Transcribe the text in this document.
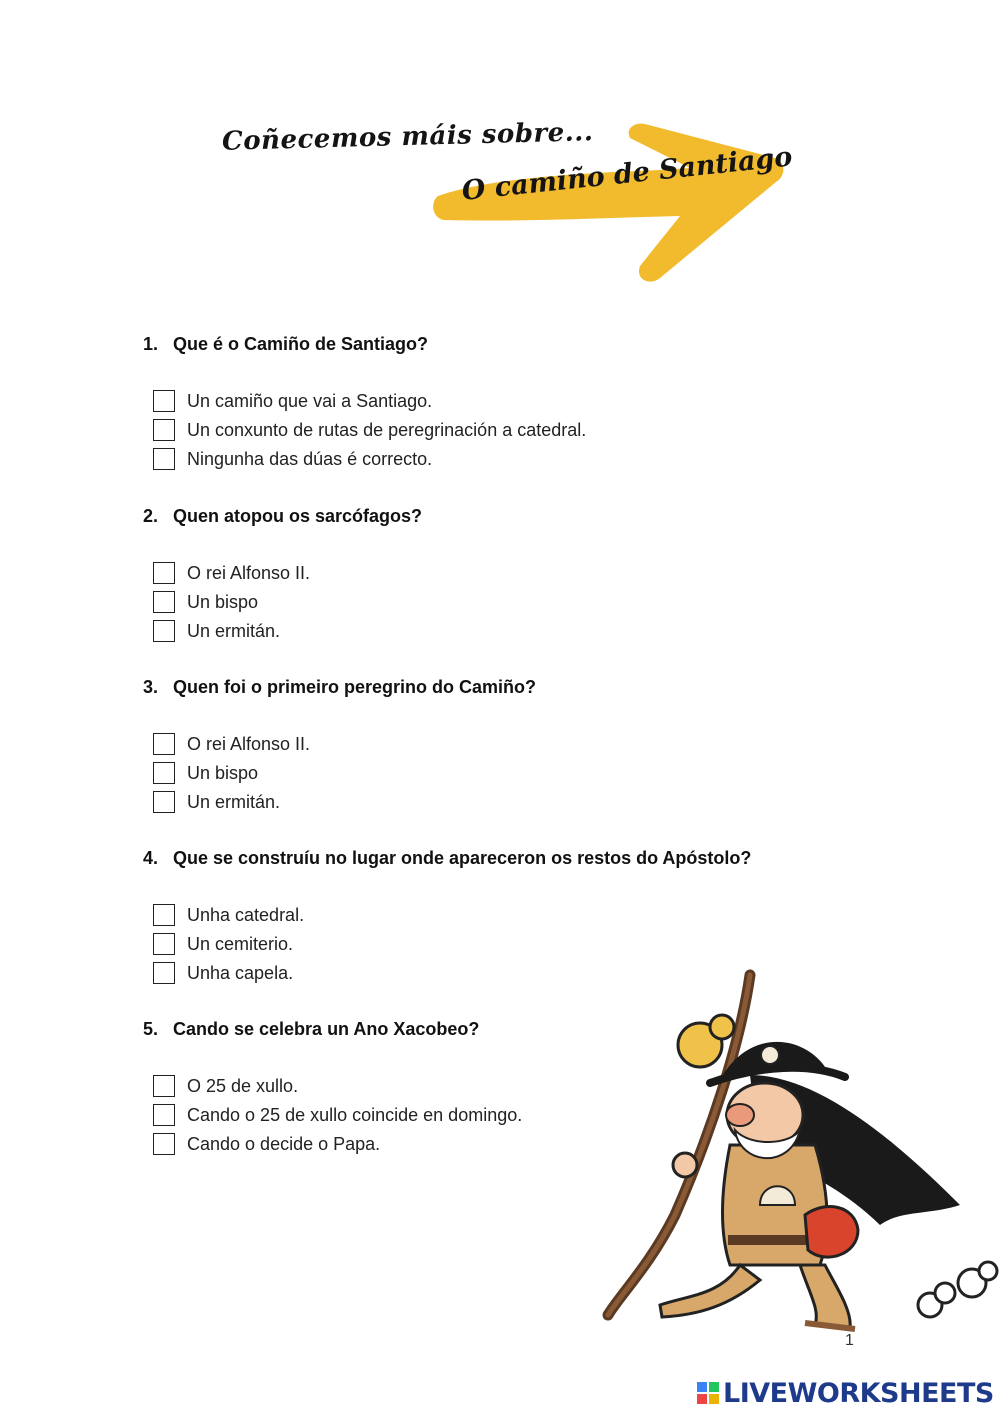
Coñecemos máis sobre...
O camiño de Santiago
1. Que é o Camiño de Santiago?
Un camiño que vai a Santiago.
Un conxunto de rutas de peregrinación a catedral.
Ningunha das dúas é correcto.
2. Quen atopou os sarcófagos?
O rei Alfonso II.
Un bispo
Un ermitán.
3. Quen foi o primeiro peregrino do Camiño?
O rei Alfonso II.
Un bispo
Un ermitán.
4. Que se construíu no lugar onde apareceron os restos do Apóstolo?
Unha catedral.
Un cemiterio.
Unha capela.
5. Cando se celebra un Ano Xacobeo?
O 25 de xullo.
Cando o 25 de xullo coincide en domingo.
Cando o decide o Papa.
1
LIVEWORKSHEETS
